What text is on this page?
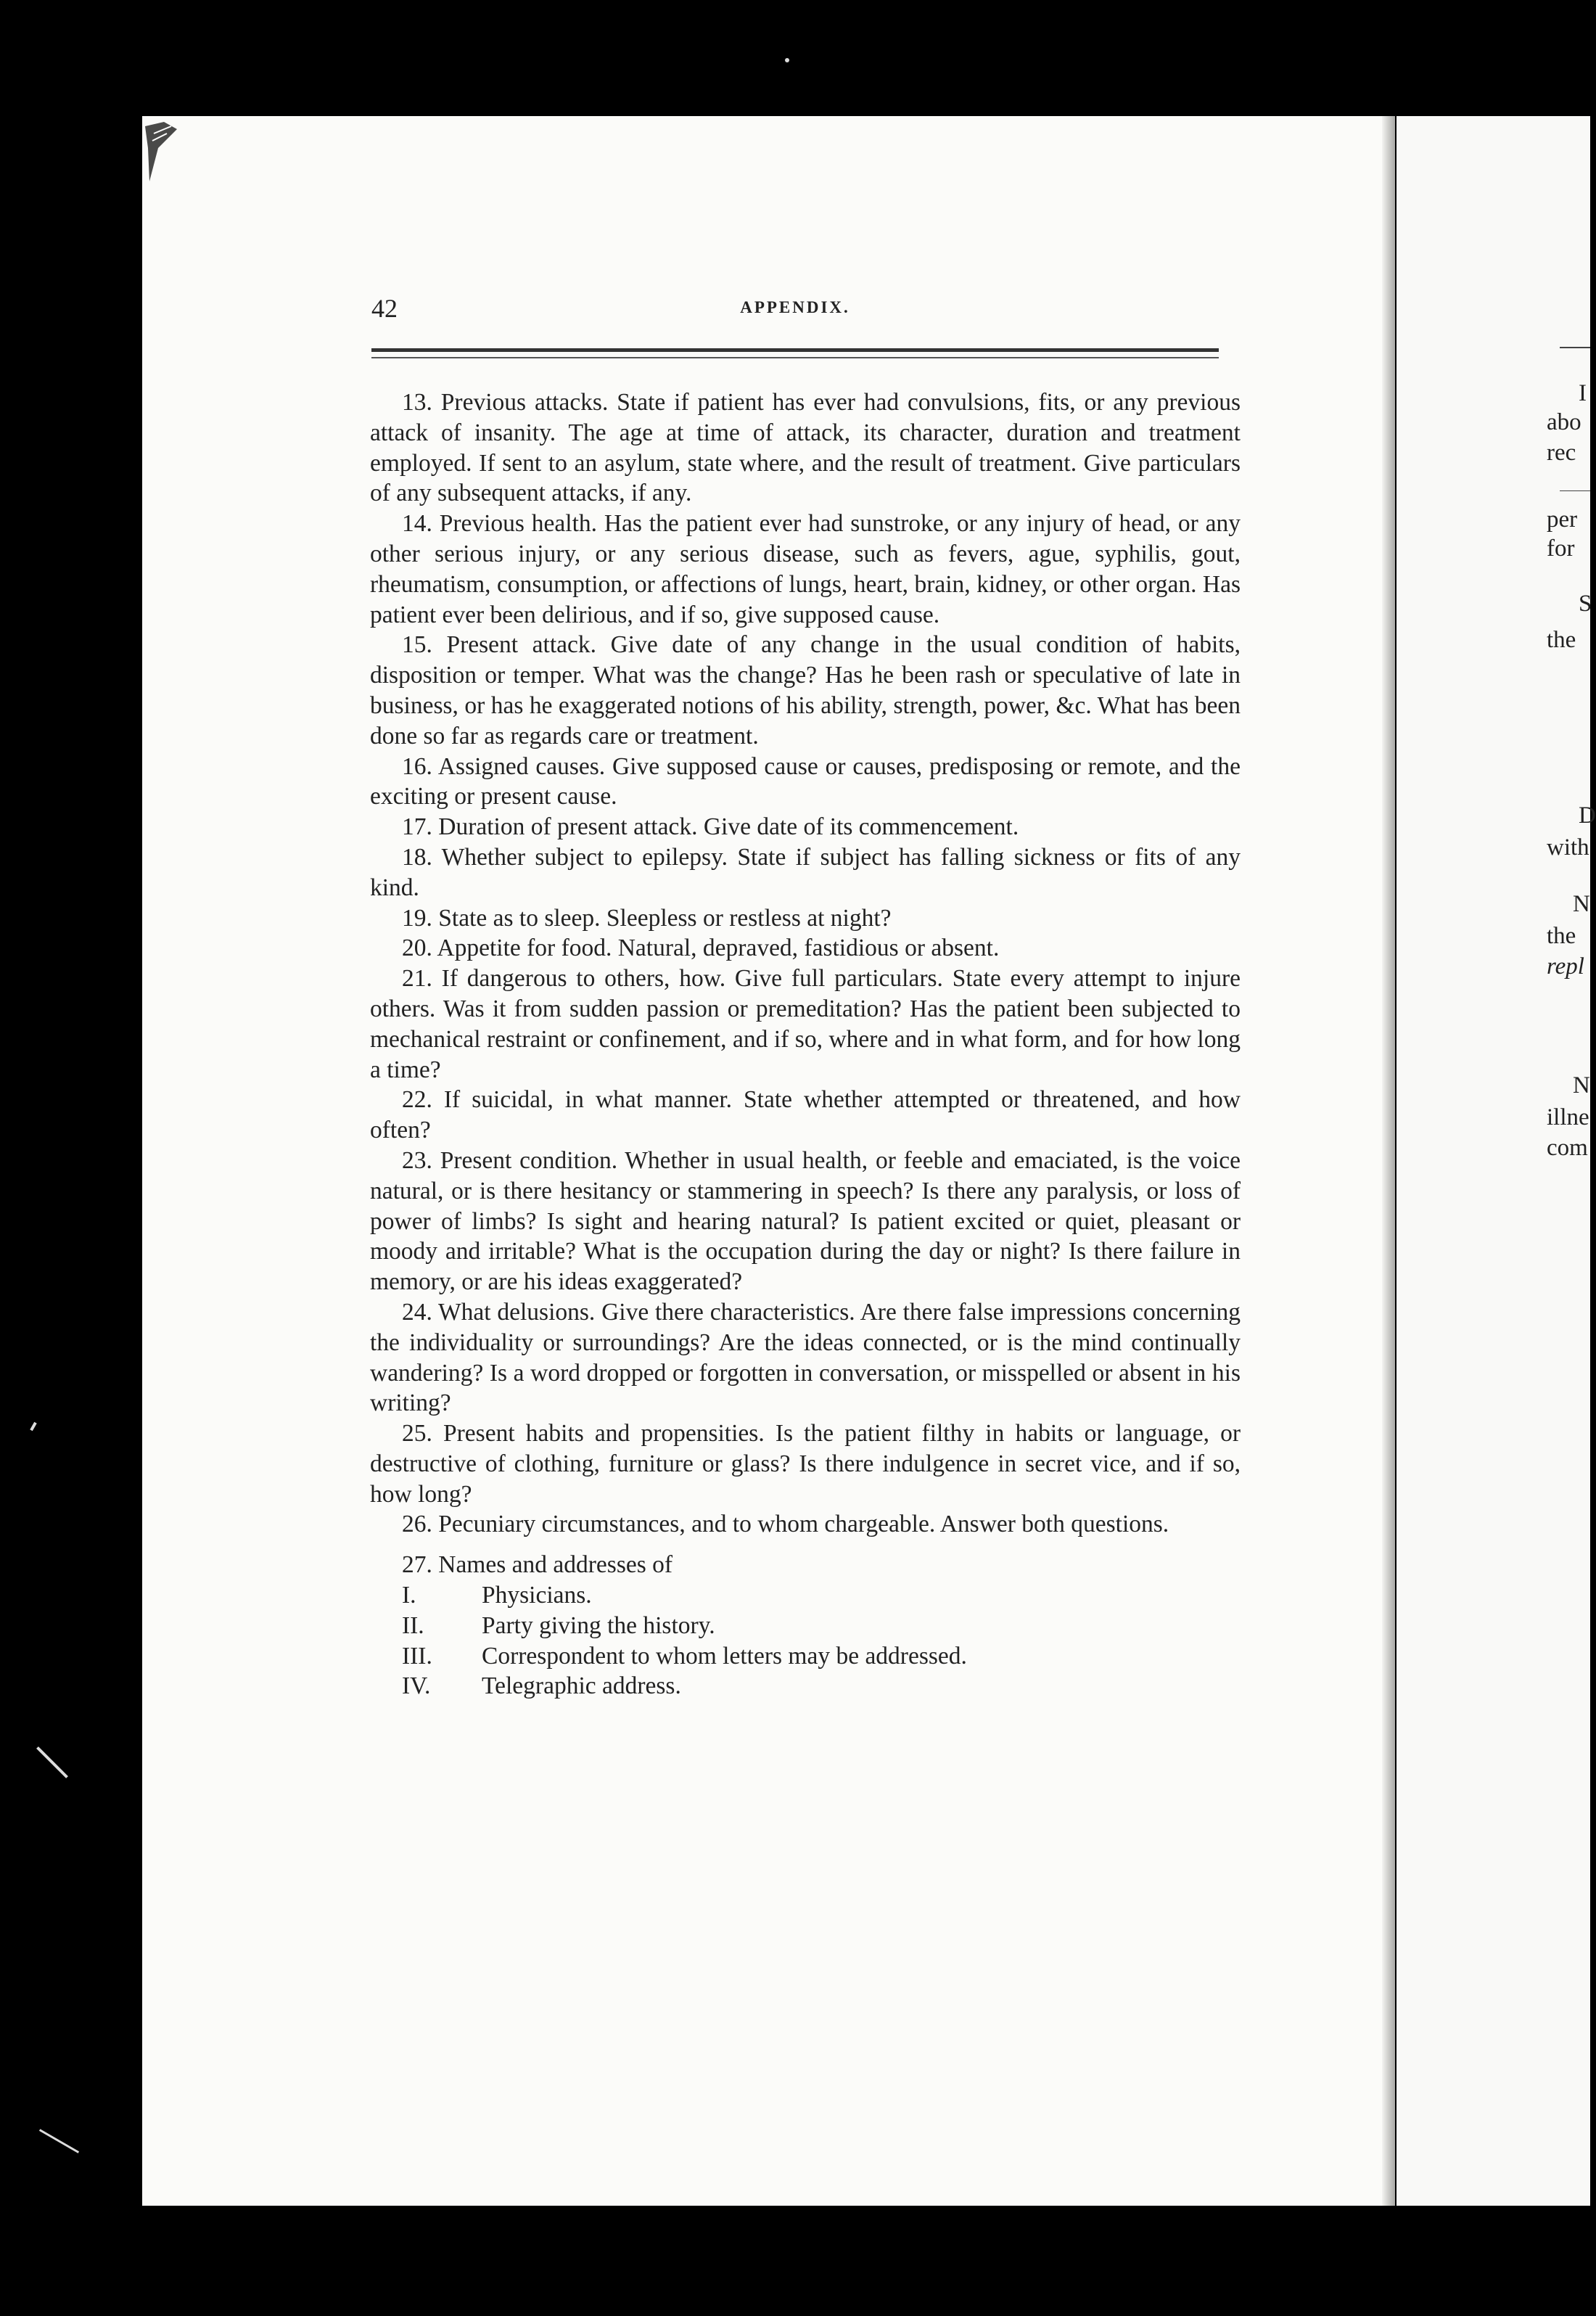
42	APPENDIX.

13. Previous attacks. State if patient has ever had convulsions, fits, or any previous attack of insanity. The age at time of attack, its character, duration and treatment employed. If sent to an asylum, state where, and the result of treatment. Give particulars of any subsequent attacks, if any.

14. Previous health. Has the patient ever had sunstroke, or any injury of head, or any other serious injury, or any serious disease, such as fevers, ague, syphilis, gout, rheumatism, consumption, or affections of lungs, heart, brain, kidney, or other organ. Has patient ever been delirious, and if so, give supposed cause.

15. Present attack. Give date of any change in the usual condition of habits, disposition or temper. What was the change? Has he been rash or speculative of late in business, or has he exaggerated notions of his ability, strength, power, &c. What has been done so far as regards care or treatment.

16. Assigned causes. Give supposed cause or causes, predisposing or remote, and the exciting or present cause.

17. Duration of present attack. Give date of its commencement.

18. Whether subject to epilepsy. State if subject has falling sickness or fits of any kind.

19. State as to sleep. Sleepless or restless at night?

20. Appetite for food. Natural, depraved, fastidious or absent.

21. If dangerous to others, how. Give full particulars. State every attempt to injure others. Was it from sudden passion or premeditation? Has the patient been subjected to mechanical restraint or confinement, and if so, where and in what form, and for how long a time?

22. If suicidal, in what manner. State whether attempted or threatened, and how often?

23. Present condition. Whether in usual health, or feeble and emaciated, is the voice natural, or is there hesitancy or stammering in speech? Is there any paralysis, or loss of power of limbs? Is sight and hearing natural? Is patient excited or quiet, pleasant or moody and irritable? What is the occupation during the day or night? Is there failure in memory, or are his ideas exaggerated?

24. What delusions. Give there characteristics. Are there false impressions concerning the individuality or surroundings? Are the ideas connected, or is the mind continually wandering? Is a word dropped or forgotten in conversation, or misspelled or absent in his writing?

25. Present habits and propensities. Is the patient filthy in habits or language, or destructive of clothing, furniture or glass? Is there indulgence in secret vice, and if so, how long?

26. Pecuniary circumstances, and to whom chargeable. Answer both questions.

27. Names and addresses of

I.	Physicians.
II.	Party giving the history.
III.	Correspondent to whom letters may be addressed.
IV.	Telegraphic address.
I
abo
rec
per
for
S
the
D
with
N
the
repl
N
illne
com
